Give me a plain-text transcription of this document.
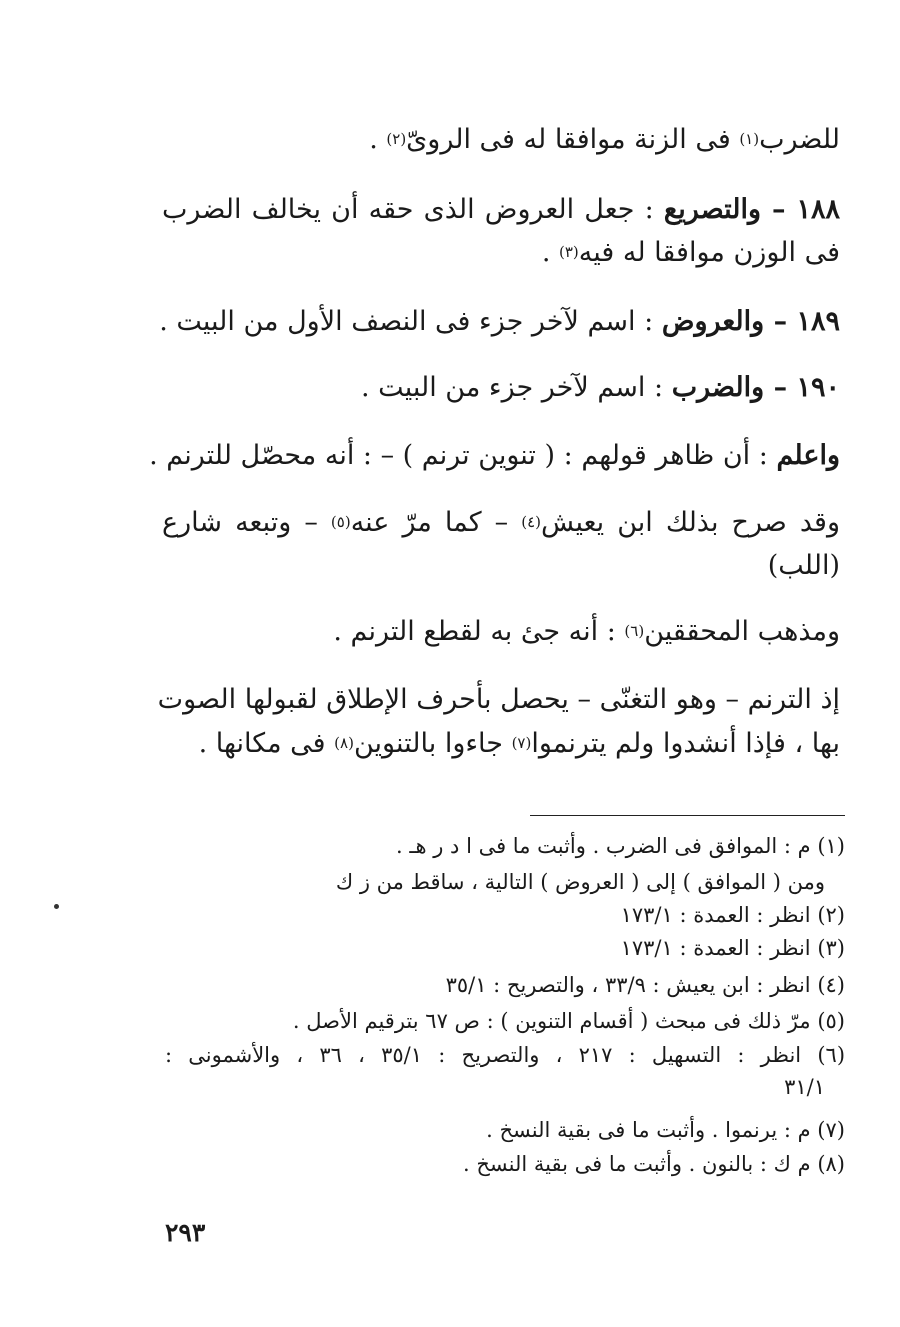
للضرب$^{(١)}$ فى الزنة موافقا له فى الروىّ$^{(٢)}$ .
١٨٨ – والتصريع : جعل العروض الذى حقه أن يخالف الضرب
فى الوزن موافقا له فيه$^{(٣)}$ .
١٨٩ – والعروض : اسم لآخر جزء فى النصف الأول من البيت .
١٩٠ – والضرب : اسم لآخر جزء من البيت .
واعلم : أن ظاهر قولهم : ( تنوين ترنم ) – : أنه محصّل للترنم .
وقد صرح بذلك ابن يعيش$^{(٤)}$ – كما مرّ عنه$^{(٥)}$ – وتبعه شارع
(اللب)
ومذهب المحققين$^{(٦)}$ : أنه جئ به لقطع الترنم .
إذ الترنم – وهو التغنّى – يحصل بأحرف الإطلاق لقبولها الصوت
بها ، فإذا أنشدوا ولم يترنموا$^{(٧)}$ جاءوا بالتنوين$^{(٨)}$ فى مكانها .
(١) م : الموافق فى الضرب . وأثبت ما فى ا د ر هـ .
ومن ( الموافق ) إلى ( العروض ) التالية ، ساقط من ز ك
(٢) انظر : العمدة : ١٧٣/١
(٣) انظر : العمدة : ١٧٣/١
(٤) انظر : ابن يعيش : ٣٣/٩ ، والتصريح : ٣٥/١
(٥) مرّ ذلك فى مبحث ( أقسام التنوين ) : ص ٦٧ بترقيم الأصل .
(٦) انظر : التسهيل : ٢١٧ ، والتصريح : ٣٥/١ ، ٣٦ ، والأشمونى :
٣١/١
(٧) م : يرنموا . وأثبت ما فى بقية النسخ .
(٨) م ك : بالنون . وأثبت ما فى بقية النسخ .
٢٩٣
